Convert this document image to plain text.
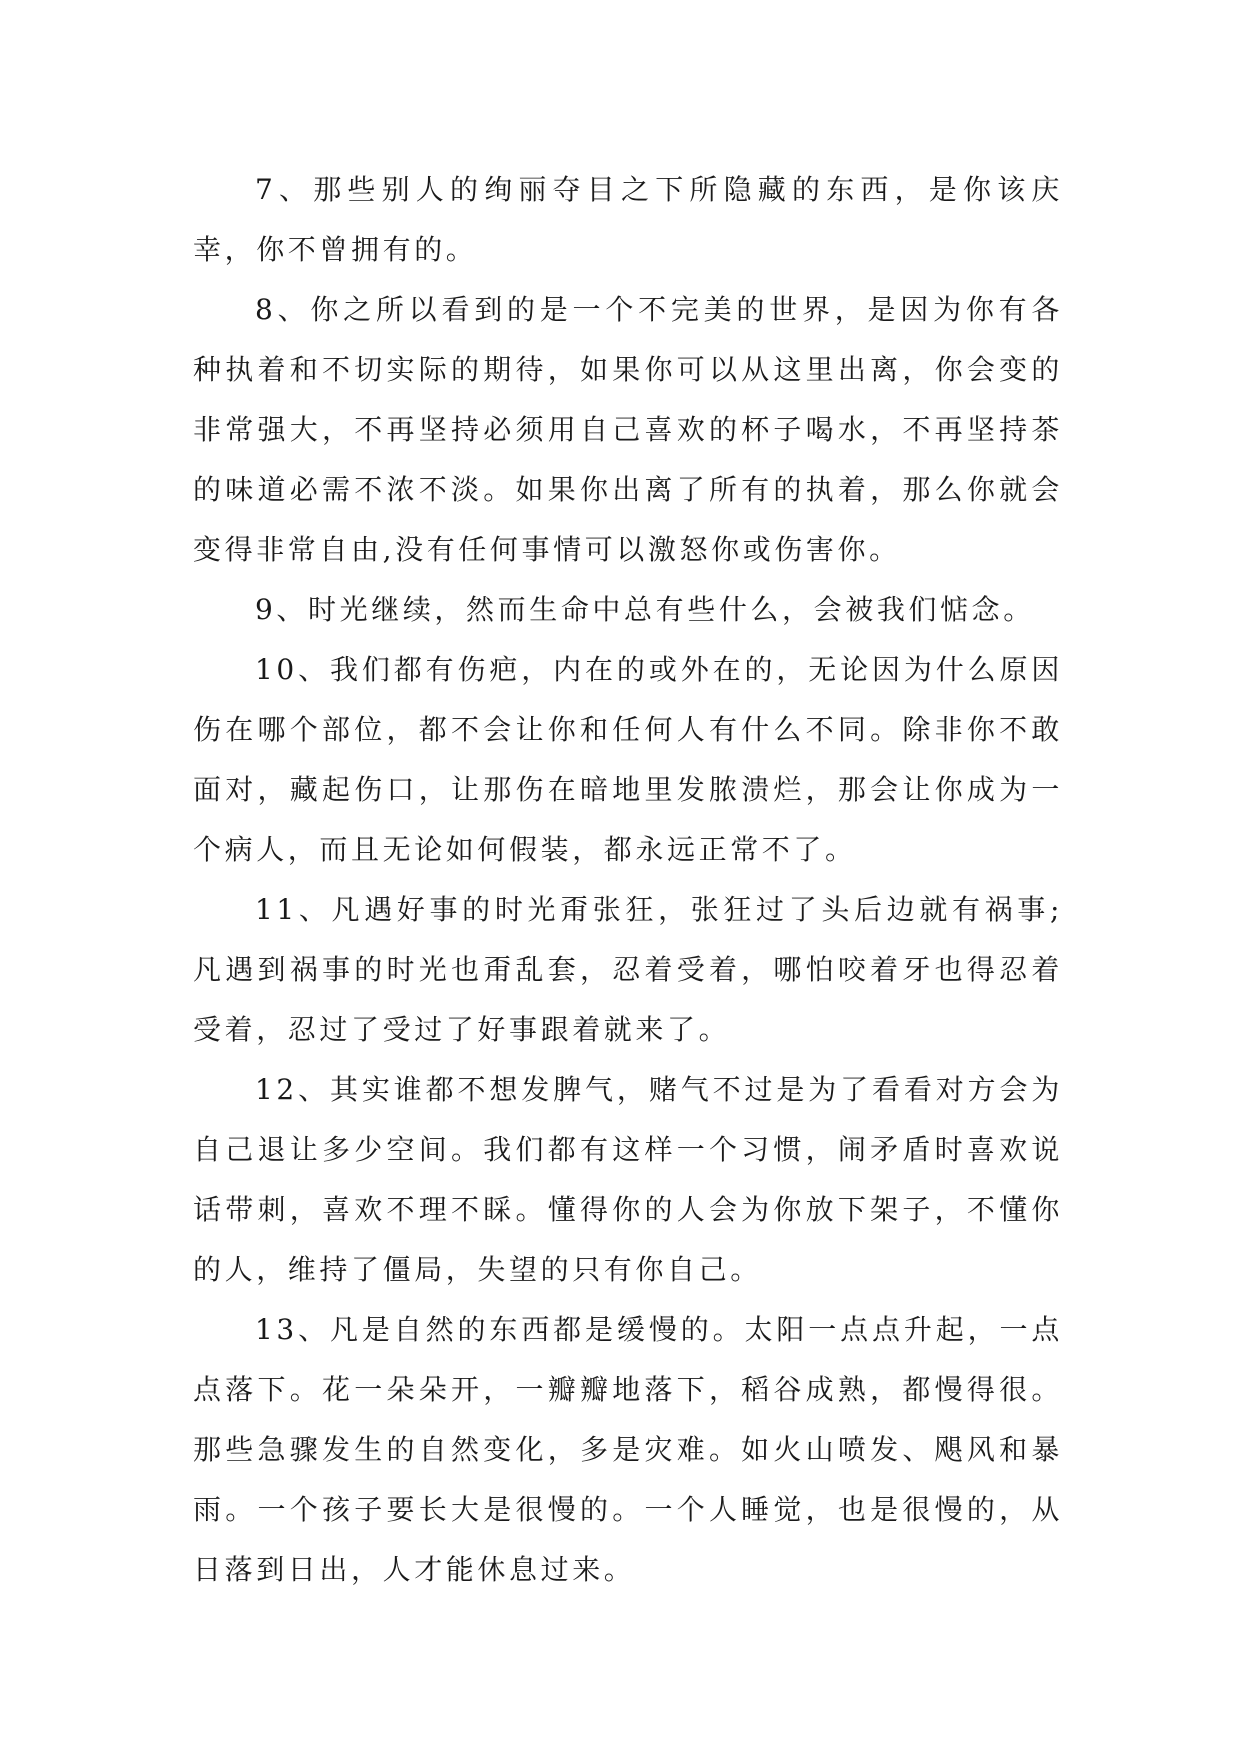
7、那些别人的绚丽夺目之下所隐藏的东西，是你该庆幸，你不曾拥有的。

8、你之所以看到的是一个不完美的世界，是因为你有各种执着和不切实际的期待，如果你可以从这里出离，你会变的非常强大，不再坚持必须用自己喜欢的杯子喝水，不再坚持茶的味道必需不浓不淡。如果你出离了所有的执着，那么你就会变得非常自由,没有任何事情可以激怒你或伤害你。

9、时光继续，然而生命中总有些什么，会被我们惦念。

10、我们都有伤疤，内在的或外在的，无论因为什么原因伤在哪个部位，都不会让你和任何人有什么不同。除非你不敢面对，藏起伤口，让那伤在暗地里发脓溃烂，那会让你成为一个病人，而且无论如何假装，都永远正常不了。

11、凡遇好事的时光甭张狂，张狂过了头后边就有祸事;凡遇到祸事的时光也甭乱套，忍着受着，哪怕咬着牙也得忍着受着，忍过了受过了好事跟着就来了。

12、其实谁都不想发脾气，赌气不过是为了看看对方会为自己退让多少空间。我们都有这样一个习惯，闹矛盾时喜欢说话带刺，喜欢不理不睬。懂得你的人会为你放下架子，不懂你的人，维持了僵局，失望的只有你自己。

13、凡是自然的东西都是缓慢的。太阳一点点升起，一点点落下。花一朵朵开，一瓣瓣地落下，稻谷成熟，都慢得很。那些急骤发生的自然变化，多是灾难。如火山喷发、飓风和暴雨。一个孩子要长大是很慢的。一个人睡觉，也是很慢的，从日落到日出，人才能休息过来。
